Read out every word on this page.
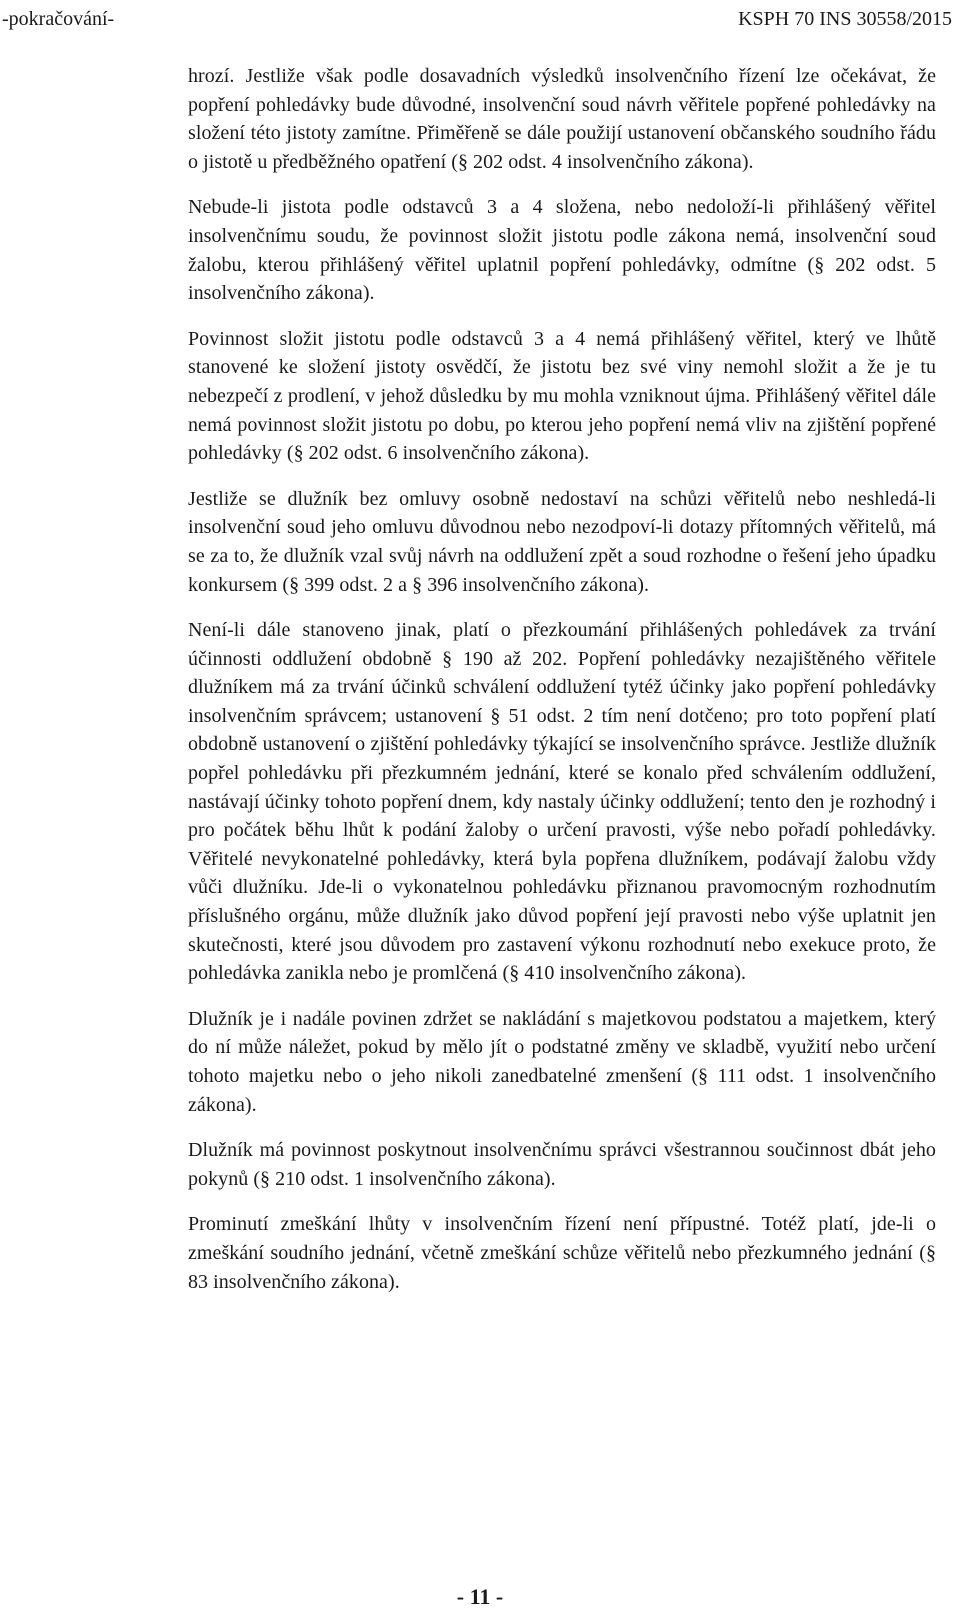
-pokračování-	KSPH 70 INS 30558/2015

hrozí. Jestliže však podle dosavadních výsledků insolvenčního řízení lze očekávat, že popření pohledávky bude důvodné, insolvenční soud návrh věřitele popřené pohledávky na složení této jistoty zamítne. Přiměřeně se dále použijí ustanovení občanského soudního řádu o jistotě u předběžného opatření (§ 202 odst. 4 insolvenčního zákona).

Nebude-li jistota podle odstavců 3 a 4 složena, nebo nedoloží-li přihlášený věřitel insolvenčnímu soudu, že povinnost složit jistotu podle zákona nemá, insolvenční soud žalobu, kterou přihlášený věřitel uplatnil popření pohledávky, odmítne (§ 202 odst. 5 insolvenčního zákona).

Povinnost složit jistotu podle odstavců 3 a 4 nemá přihlášený věřitel, který ve lhůtě stanovené ke složení jistoty osvědčí, že jistotu bez své viny nemohl složit a že je tu nebezpečí z prodlení, v jehož důsledku by mu mohla vzniknout újma. Přihlášený věřitel dále nemá povinnost složit jistotu po dobu, po kterou jeho popření nemá vliv na zjištění popřené pohledávky (§ 202 odst. 6 insolvenčního zákona).

Jestliže se dlužník bez omluvy osobně nedostaví na schůzi věřitelů nebo neshledá-li insolvenční soud jeho omluvu důvodnou nebo nezodpoví-li dotazy přítomných věřitelů, má se za to, že dlužník vzal svůj návrh na oddlužení zpět a soud rozhodne o řešení jeho úpadku konkursem (§ 399 odst. 2 a § 396 insolvenčního zákona).

Není-li dále stanoveno jinak, platí o přezkoumání přihlášených pohledávek za trvání účinnosti oddlužení obdobně § 190 až 202. Popření pohledávky nezajištěného věřitele dlužníkem má za trvání účinků schválení oddlužení tytéž účinky jako popření pohledávky insolvenčním správcem; ustanovení § 51 odst. 2 tím není dotčeno; pro toto popření platí obdobně ustanovení o zjištění pohledávky týkající se insolvenčního správce. Jestliže dlužník popřel pohledávku při přezkumném jednání, které se konalo před schválením oddlužení, nastávají účinky tohoto popření dnem, kdy nastaly účinky oddlužení; tento den je rozhodný i pro počátek běhu lhůt k podání žaloby o určení pravosti, výše nebo pořadí pohledávky. Věřitelé nevykonatelné pohledávky, která byla popřena dlužníkem, podávají žalobu vždy vůči dlužníku. Jde-li o vykonatelnou pohledávku přiznanou pravomocným rozhodnutím příslušného orgánu, může dlužník jako důvod popření její pravosti nebo výše uplatnit jen skutečnosti, které jsou důvodem pro zastavení výkonu rozhodnutí nebo exekuce proto, že pohledávka zanikla nebo je promlčená (§ 410 insolvenčního zákona).

Dlužník je i nadále povinen zdržet se nakládání s majetkovou podstatou a majetkem, který do ní může náležet, pokud by mělo jít o podstatné změny ve skladbě, využití nebo určení tohoto majetku nebo o jeho nikoli zanedbatelné zmenšení (§ 111 odst. 1 insolvenčního zákona).

Dlužník má povinnost poskytnout insolvenčnímu správci všestrannou součinnost dbát jeho pokynů (§ 210 odst. 1 insolvenčního zákona).

Prominutí zmeškání lhůty v insolvenčním řízení není přípustné. Totéž platí, jde-li o zmeškání soudního jednání, včetně zmeškání schůze věřitelů nebo přezkumného jednání (§ 83 insolvenčního zákona).

- 11 -
